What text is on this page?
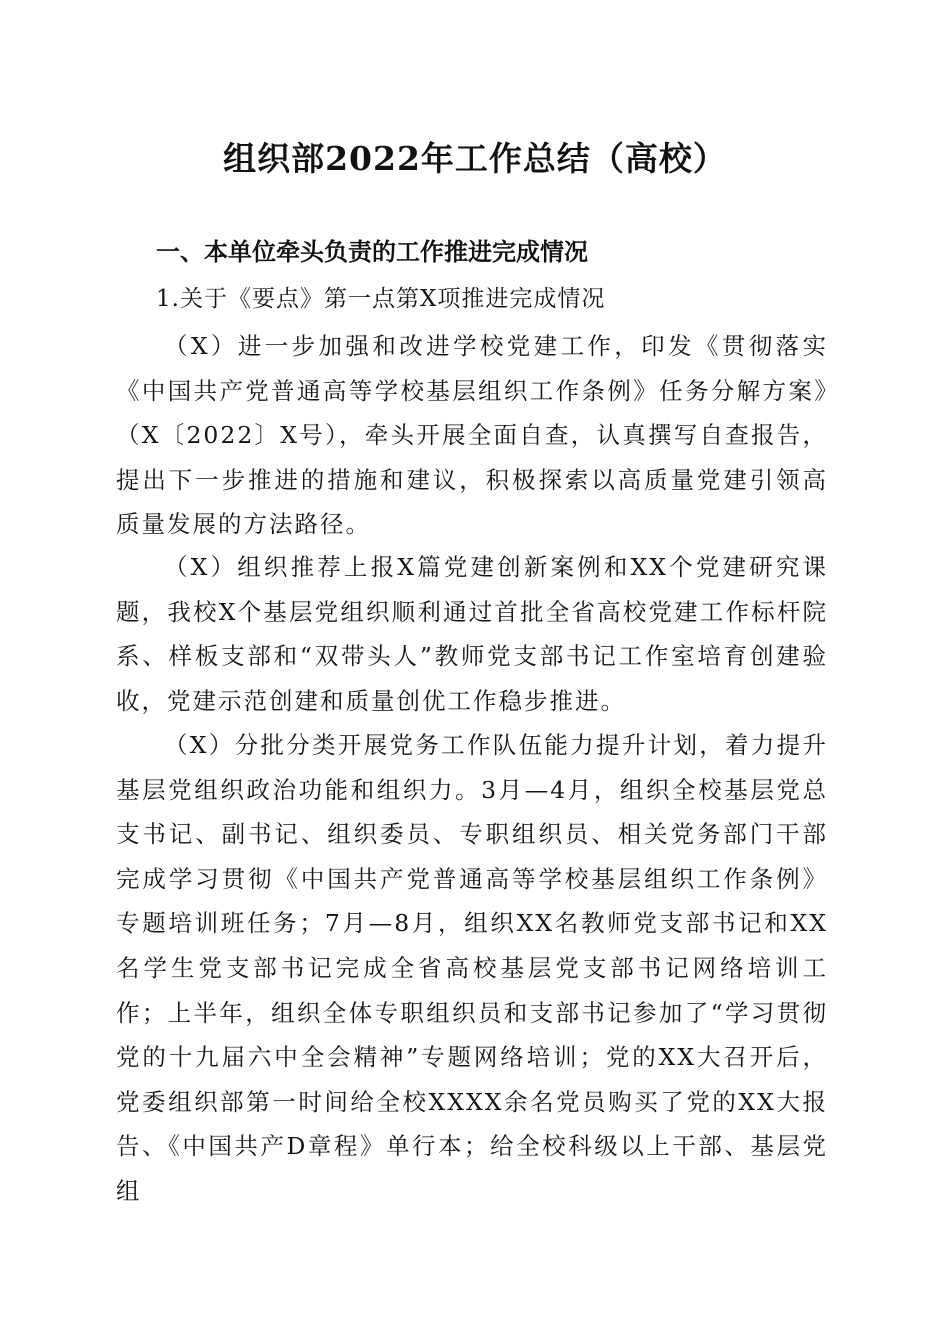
组织部2022年工作总结（高校）
一、本单位牵头负责的工作推进完成情况

1.关于《要点》第一点第X项推进完成情况

（X）进一步加强和改进学校党建工作，印发《贯彻落实《中国共产党普通高等学校基层组织工作条例》任务分解方案》（X〔2022〕X号），牵头开展全面自查，认真撰写自查报告，提出下一步推进的措施和建议，积极探索以高质量党建引领高质量发展的方法路径。

（X）组织推荐上报X篇党建创新案例和XX个党建研究课题，我校X个基层党组织顺利通过首批全省高校党建工作标杆院系、样板支部和“双带头人”教师党支部书记工作室培育创建验收，党建示范创建和质量创优工作稳步推进。

（X）分批分类开展党务工作队伍能力提升计划，着力提升基层党组织政治功能和组织力。3月—4月，组织全校基层党总支书记、副书记、组织委员、专职组织员、相关党务部门干部完成学习贯彻《中国共产党普通高等学校基层组织工作条例》专题培训班任务；7月—8月，组织XX名教师党支部书记和XX名学生党支部书记完成全省高校基层党支部书记网络培训工作；上半年，组织全体专职组织员和支部书记参加了“学习贯彻党的十九届六中全会精神”专题网络培训；党的XX大召开后，党委组织部第一时间给全校XXXX余名党员购买了党的XX大报告、《中国共产D章程》单行本；给全校科级以上干部、基层党组
